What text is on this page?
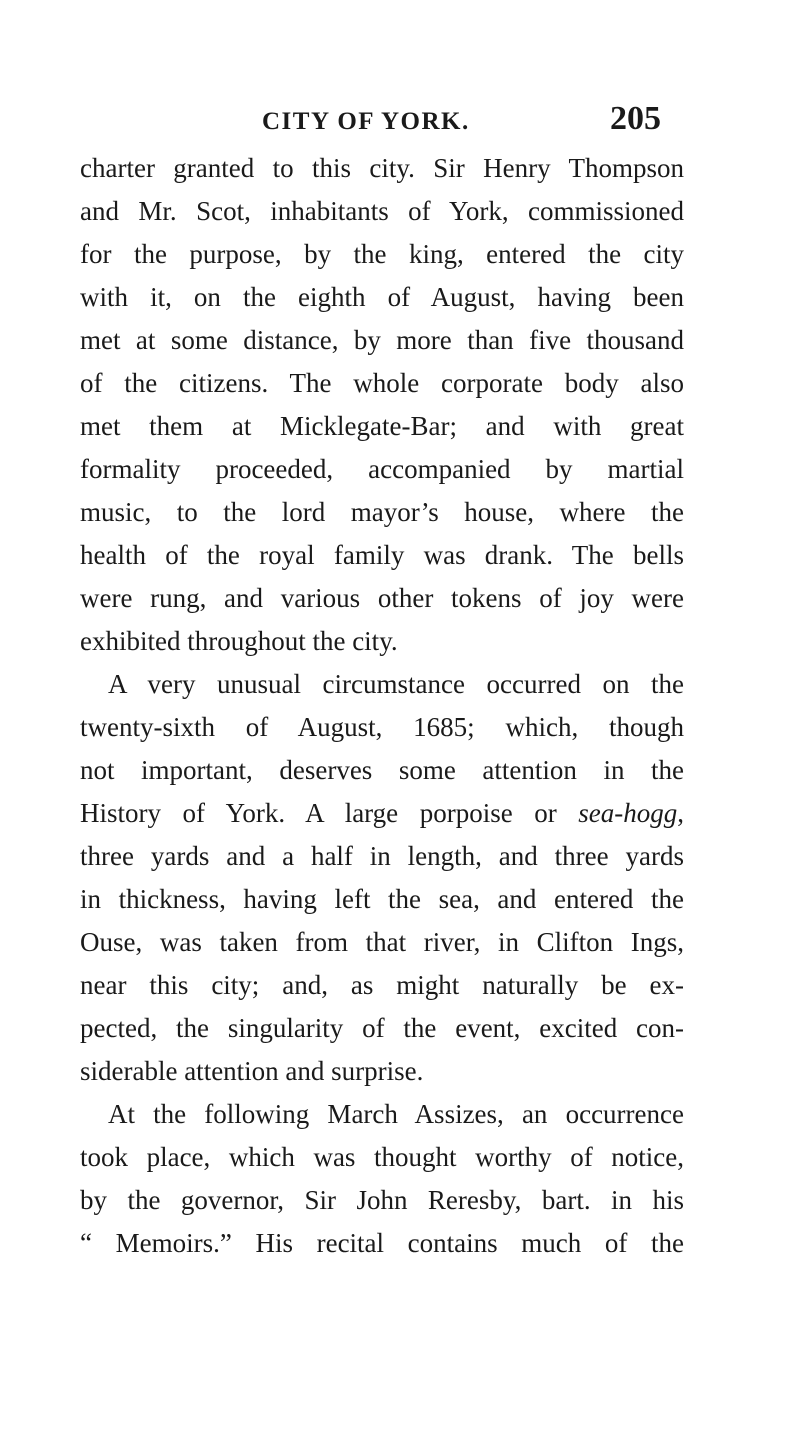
CITY OF YORK.	205
charter granted to this city. Sir Henry Thompson
and Mr. Scot, inhabitants of York, commissioned
for the purpose, by the king, entered the city
with it, on the eighth of August, having been
met at some distance, by more than five thousand
of the citizens. The whole corporate body also
met them at Micklegate-Bar; and with great
formality proceeded, accompanied by martial
music, to the lord mayor’s house, where the
health of the royal family was drank. The bells
were rung, and various other tokens of joy were
exhibited throughout the city.
A very unusual circumstance occurred on the
twenty-sixth of August, 1685; which, though
not important, deserves some attention in the
History of York. A large porpoise or sea-hogg,
three yards and a half in length, and three yards
in thickness, having left the sea, and entered the
Ouse, was taken from that river, in Clifton Ings,
near this city; and, as might naturally be ex-
pected, the singularity of the event, excited con-
siderable attention and surprise.
At the following March Assizes, an occurrence
took place, which was thought worthy of notice,
by the governor, Sir John Reresby, bart. in his
“ Memoirs.” His recital contains much of the
